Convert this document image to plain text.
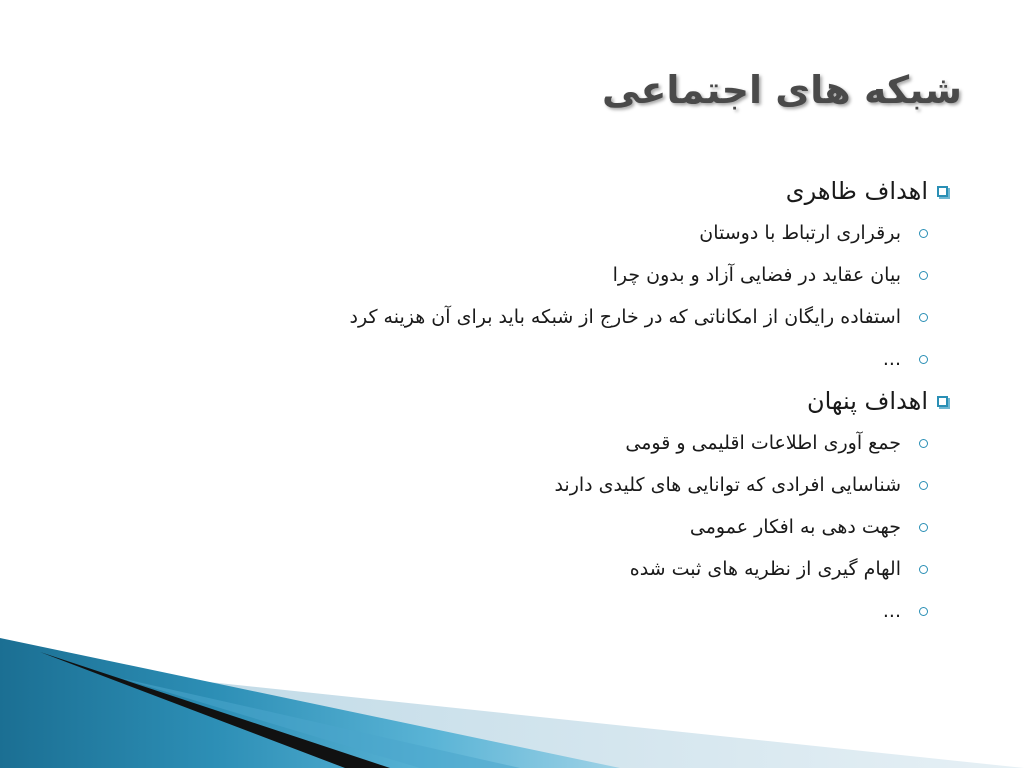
شبکه های اجتماعی
اهداف ظاهری
برقراری ارتباط با دوستان
بیان عقاید در فضایی آزاد و بدون چرا
استفاده رایگان از امکاناتی که در خارج از شبکه باید برای آن هزینه کرد
...
اهداف پنهان
جمع آوری اطلاعات اقلیمی و قومی
شناسایی افرادی که توانایی های کلیدی دارند
جهت دهی به افکار عمومی
الهام گیری از نظریه های ثبت شده
...
